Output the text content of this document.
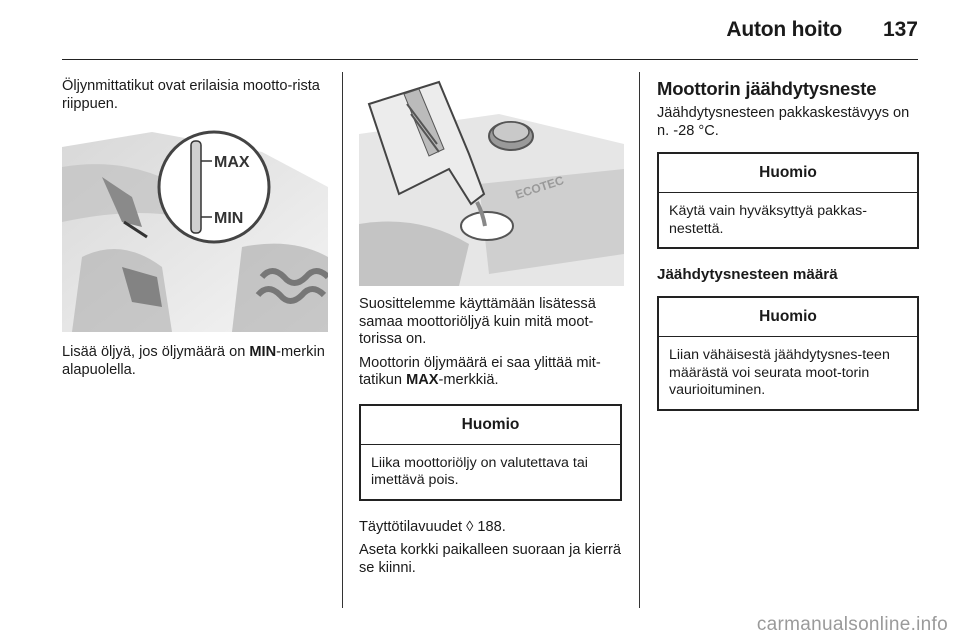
Auton hoito 137

Öljynmittatikut ovat erilaisia mootto-rista riippuen.

MAX
MIN

Lisää öljyä, jos öljymäärä on MIN-merkin alapuolella.

ECOTEC

Suosittelemme käyttämään lisätessä samaa moottoriöljyä kuin mitä moot-torissa on.

Moottorin öljymäärä ei saa ylittää mit-tatikun MAX-merkkiä.

Huomio
Liika moottoriöljy on valutettava tai imettävä pois.

Täyttötilavuudet ◊ 188.

Aseta korkki paikalleen suoraan ja kierrä se kiinni.

Moottorin jäähdytysneste

Jäähdytysnesteen pakkaskestävyys on n. -28 °C.

Huomio
Käytä vain hyväksyttyä pakkas-nestettä.
Jäähdytysnesteen määrä
Huomio
Liian vähäisestä jäähdytysnes-teen määrästä voi seurata moot-torin vaurioituminen.
carmanualsonline.info
